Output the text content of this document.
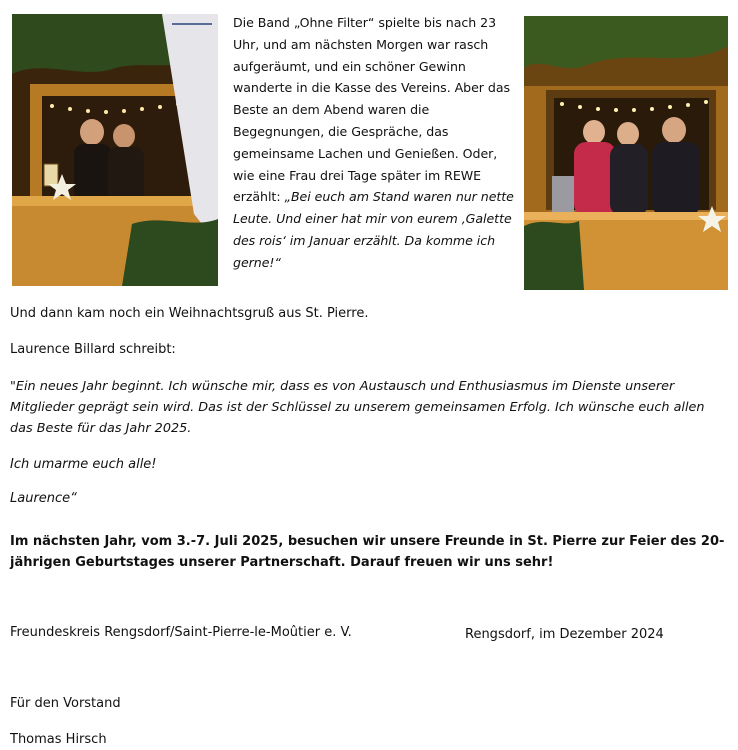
Die Band „Ohne Filter“ spielte bis nach 23 Uhr, und am nächsten Morgen war rasch aufgeräumt, und ein schöner Gewinn wanderte in die Kasse des Vereins. Aber das Beste an dem Abend waren die Begegnungen, die Gespräche, das gemeinsame Lachen und Genießen. Oder, wie eine Frau drei Tage später im REWE erzählt: „Bei euch am Stand waren nur nette Leute. Und einer hat mir von eurem ‚Galette des rois‘ im Januar erzählt. Da komme ich gerne!“
Und dann kam noch ein Weihnachtsgruß aus St. Pierre.
Laurence Billard schreibt:
"Ein neues Jahr beginnt. Ich wünsche mir, dass es von Austausch und Enthusiasmus im Dienste unserer Mitglieder geprägt sein wird. Das ist der Schlüssel zu unserem gemeinsamen Erfolg. Ich wünsche euch allen das Beste für das Jahr 2025.
Ich umarme euch alle!
Laurence“
Im nächsten Jahr, vom 3.-7. Juli 2025, besuchen wir unsere Freunde in St. Pierre zur Feier des 20-jährigen Geburtstages unserer Partnerschaft. Darauf freuen wir uns sehr!
Freundeskreis Rengsdorf/Saint-Pierre-le-Moûtier e. V.	Rengsdorf, im Dezember 2024
Für den Vorstand
Thomas Hirsch
